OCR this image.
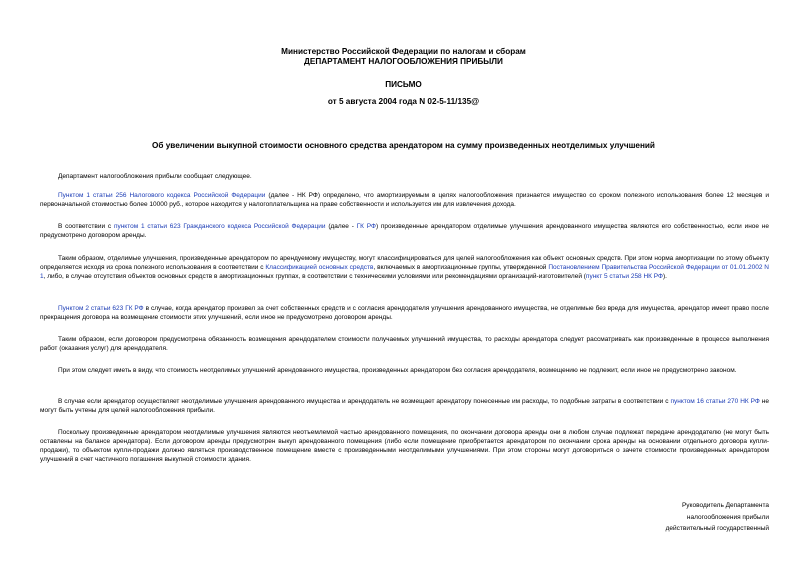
Министерство Российской Федерации по налогам и сборам
ДЕПАРТАМЕНТ НАЛОГООБЛОЖЕНИЯ ПРИБЫЛИ
ПИСЬМО
от 5 августа 2004 года N 02-5-11/135@
Об увеличении выкупной стоимости основного средства арендатором на сумму произведенных неотделимых улучшений

Департамент налогообложения прибыли сообщает следующее.

Пунктом 1 статьи 256 Налогового кодекса Российской Федерации (далее - НК РФ) определено, что амортизируемым в целях налогообложения признается имущество со сроком полезного использования более 12 месяцев и первоначальной стоимостью более 10000 руб., которое находится у налогоплательщика на праве собственности и используется им для извлечения дохода.

В соответствии с пунктом 1 статьи 623 Гражданского кодекса Российской Федерации (далее - ГК РФ) произведенные арендатором отделимые улучшения арендованного имущества являются его собственностью, если иное не предусмотрено договором аренды.

Таким образом, отделимые улучшения, произведенные арендатором по арендуемому имуществу, могут классифицироваться для целей налогообложения как объект основных средств. При этом норма амортизации по этому объекту определяется исходя из срока полезного использования в соответствии с Классификацией основных средств, включаемых в амортизационные группы, утвержденной Постановлением Правительства Российской Федерации от 01.01.2002 N 1, либо, в случае отсутствия объектов основных средств в амортизационных группах, в соответствии с техническими условиями или рекомендациями организаций-изготовителей (пункт 5 статьи 258 НК РФ).

Пунктом 2 статьи 623 ГК РФ в случае, когда арендатор произвел за счет собственных средств и с согласия арендодателя улучшения арендованного имущества, не отделимые без вреда для имущества, арендатор имеет право после прекращения договора на возмещение стоимости этих улучшений, если иное не предусмотрено договором аренды.

Таким образом, если договором предусмотрена обязанность возмещения арендодателем стоимости получаемых улучшений имущества, то расходы арендатора следует рассматривать как произведенные в процессе выполнения работ (оказания услуг) для арендодателя.

При этом следует иметь в виду, что стоимость неотделимых улучшений арендованного имущества, произведенных арендатором без согласия арендодателя, возмещению не подлежит, если иное не предусмотрено законом.

В случае если арендатор осуществляет неотделимые улучшения арендованного имущества и арендодатель не возмещает арендатору понесенные им расходы, то подобные затраты в соответствии с пунктом 16 статьи 270 НК РФ не могут быть учтены для целей налогообложения прибыли.

Поскольку произведенные арендатором неотделимые улучшения являются неотъемлемой частью арендованного помещения, по окончании договора аренды они в любом случае подлежат передаче арендодателю (не могут быть оставлены на балансе арендатора). Если договором аренды предусмотрен выкуп арендованного помещения (либо если помещение приобретается арендатором по окончании срока аренды на основании отдельного договора купли-продажи), то объектом купли-продажи должно являться производственное помещение вместе с произведенными неотделимыми улучшениями. При этом стороны могут договориться о зачете стоимости произведенных арендатором улучшений в счет частичного погашения выкупной стоимости здания.

Руководитель Департамента
налогообложения прибыли
действительный государственный
